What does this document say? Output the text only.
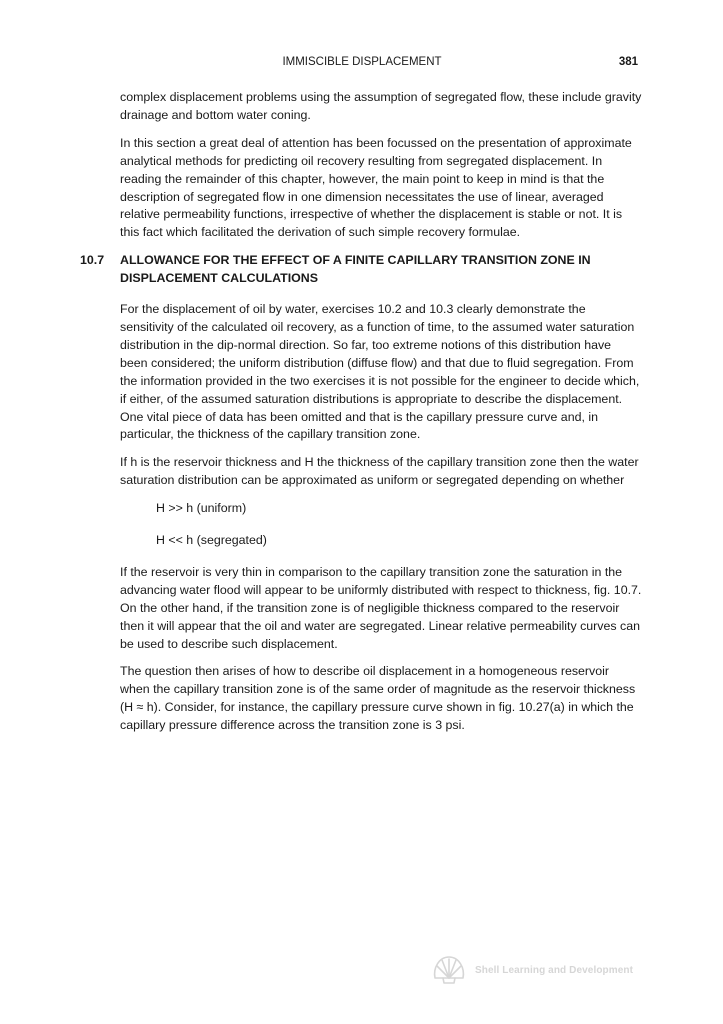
IMMISCIBLE DISPLACEMENT	381

complex displacement problems using the assumption of segregated flow, these include gravity drainage and bottom water coning.

In this section a great deal of attention has been focussed on the presentation of approximate analytical methods for predicting oil recovery resulting from segregated displacement. In reading the remainder of this chapter, however, the main point to keep in mind is that the description of segregated flow in one dimension necessitates the use of linear, averaged relative permeability functions, irrespective of whether the displacement is stable or not. It is this fact which facilitated the derivation of such simple recovery formulae.

10.7 ALLOWANCE FOR THE EFFECT OF A FINITE CAPILLARY TRANSITION ZONE IN DISPLACEMENT CALCULATIONS

For the displacement of oil by water, exercises 10.2 and 10.3 clearly demonstrate the sensitivity of the calculated oil recovery, as a function of time, to the assumed water saturation distribution in the dip-normal direction. So far, too extreme notions of this distribution have been considered; the uniform distribution (diffuse flow) and that due to fluid segregation. From the information provided in the two exercises it is not possible for the engineer to decide which, if either, of the assumed saturation distributions is appropriate to describe the displacement. One vital piece of data has been omitted and that is the capillary pressure curve and, in particular, the thickness of the capillary transition zone.

If h is the reservoir thickness and H the thickness of the capillary transition zone then the water saturation distribution can be approximated as uniform or segregated depending on whether

H >> h (uniform)
H << h (segregated)

If the reservoir is very thin in comparison to the capillary transition zone the saturation in the advancing water flood will appear to be uniformly distributed with respect to thickness, fig. 10.7. On the other hand, if the transition zone is of negligible thickness compared to the reservoir then it will appear that the oil and water are segregated. Linear relative permeability curves can be used to describe such displacement.

The question then arises of how to describe oil displacement in a homogeneous reservoir when the capillary transition zone is of the same order of magnitude as the reservoir thickness (H ≈ h). Consider, for instance, the capillary pressure curve shown in fig. 10.27(a) in which the capillary pressure difference across the transition zone is 3 psi.

Shell Learning and Development
